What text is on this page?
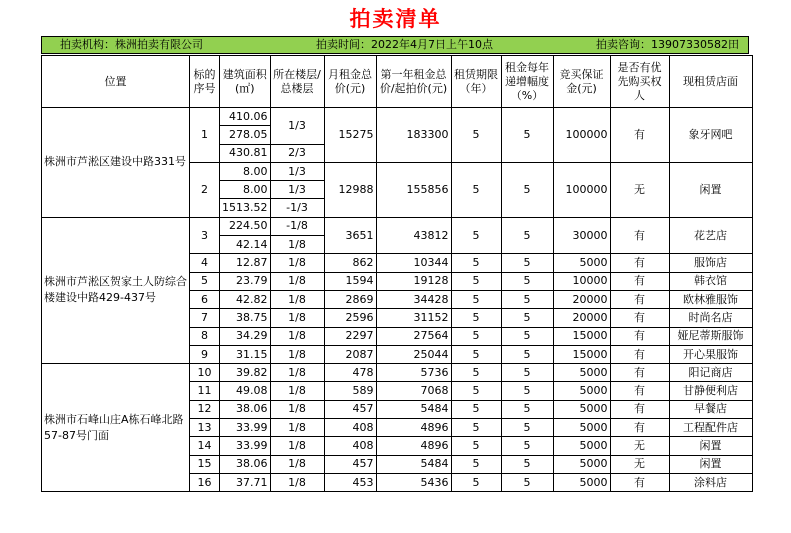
拍卖清单
拍卖机构：株洲拍卖有限公司	拍卖时间：2022年4月7日上午10点	拍卖咨询：13907330582田
位置	标的序号	建筑面积(㎡)	所在楼层/总楼层	月租金总价(元)	第一年租金总价/起拍价(元)	租赁期限（年）	租金每年递增幅度（%）	竞买保证金(元)	是否有优先购买权人	现租赁店面
株洲市芦淞区建设中路331号	1	410.06	1/3	15275	183300	5	5	100000	有	象牙网吧
		278.05								
		430.81	2/3							
	2	8.00	1/3	12988	155856	5	5	100000	无	闲置
		8.00	1/3							
		1513.52	-1/3							
株洲市芦淞区贺家土人防综合楼建设中路429-437号	3	224.50	-1/8	3651	43812	5	5	30000	有	花艺店
		42.14	1/8							
	4	12.87	1/8	862	10344	5	5	5000	有	服饰店
	5	23.79	1/8	1594	19128	5	5	10000	有	韩衣馆
	6	42.82	1/8	2869	34428	5	5	20000	有	欧林雅服饰
	7	38.75	1/8	2596	31152	5	5	20000	有	时尚名店
	8	34.29	1/8	2297	27564	5	5	15000	有	娅尼蒂斯服饰
	9	31.15	1/8	2087	25044	5	5	15000	有	开心果服饰
株洲市石峰山庄A栋石峰北路57-87号门面	10	39.82	1/8	478	5736	5	5	5000	有	阳记商店
	11	49.08	1/8	589	7068	5	5	5000	有	甘静便利店
	12	38.06	1/8	457	5484	5	5	5000	有	早餐店
	13	33.99	1/8	408	4896	5	5	5000	有	工程配件店
	14	33.99	1/8	408	4896	5	5	5000	无	闲置
	15	38.06	1/8	457	5484	5	5	5000	无	闲置
	16	37.71	1/8	453	5436	5	5	5000	有	涂料店
